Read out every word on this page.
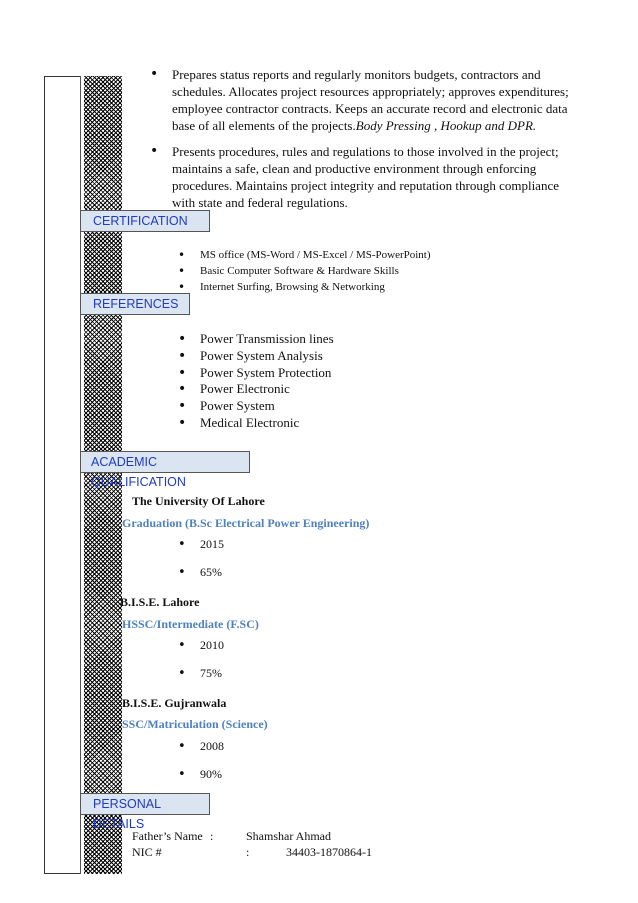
• Prepares status reports and regularly monitors budgets, contractors and schedules. Allocates project resources appropriately; approves expenditures; employee contractor contracts. Keeps an accurate record and electronic data base of all elements of the projects.Body Pressing , Hookup and DPR.
• Presents procedures, rules and regulations to those involved in the project; maintains a safe, clean and productive environment through enforcing procedures. Maintains project integrity and reputation through compliance with state and federal regulations.
CERTIFICATION
• MS office (MS-Word / MS-Excel / MS-PowerPoint)
• Basic Computer Software & Hardware Skills
• Internet Surfing, Browsing & Networking
REFERENCES
• Power Transmission lines
• Power System Analysis
• Power System Protection
• Power Electronic
• Power System
• Medical Electronic
ACADEMIC QUALIFICATION
The University Of Lahore
Graduation (B.Sc Electrical Power Engineering)
• 2015
• 65%
B.I.S.E. Lahore
HSSC/Intermediate (F.SC)
• 2010
• 75%
B.I.S.E. Gujranwala
SSC/Matriculation (Science)
• 2008
• 90%
PERSONAL DETAILS
Father’s Name :	Shamshar Ahmad
NIC #	:	34403-1870864-1
